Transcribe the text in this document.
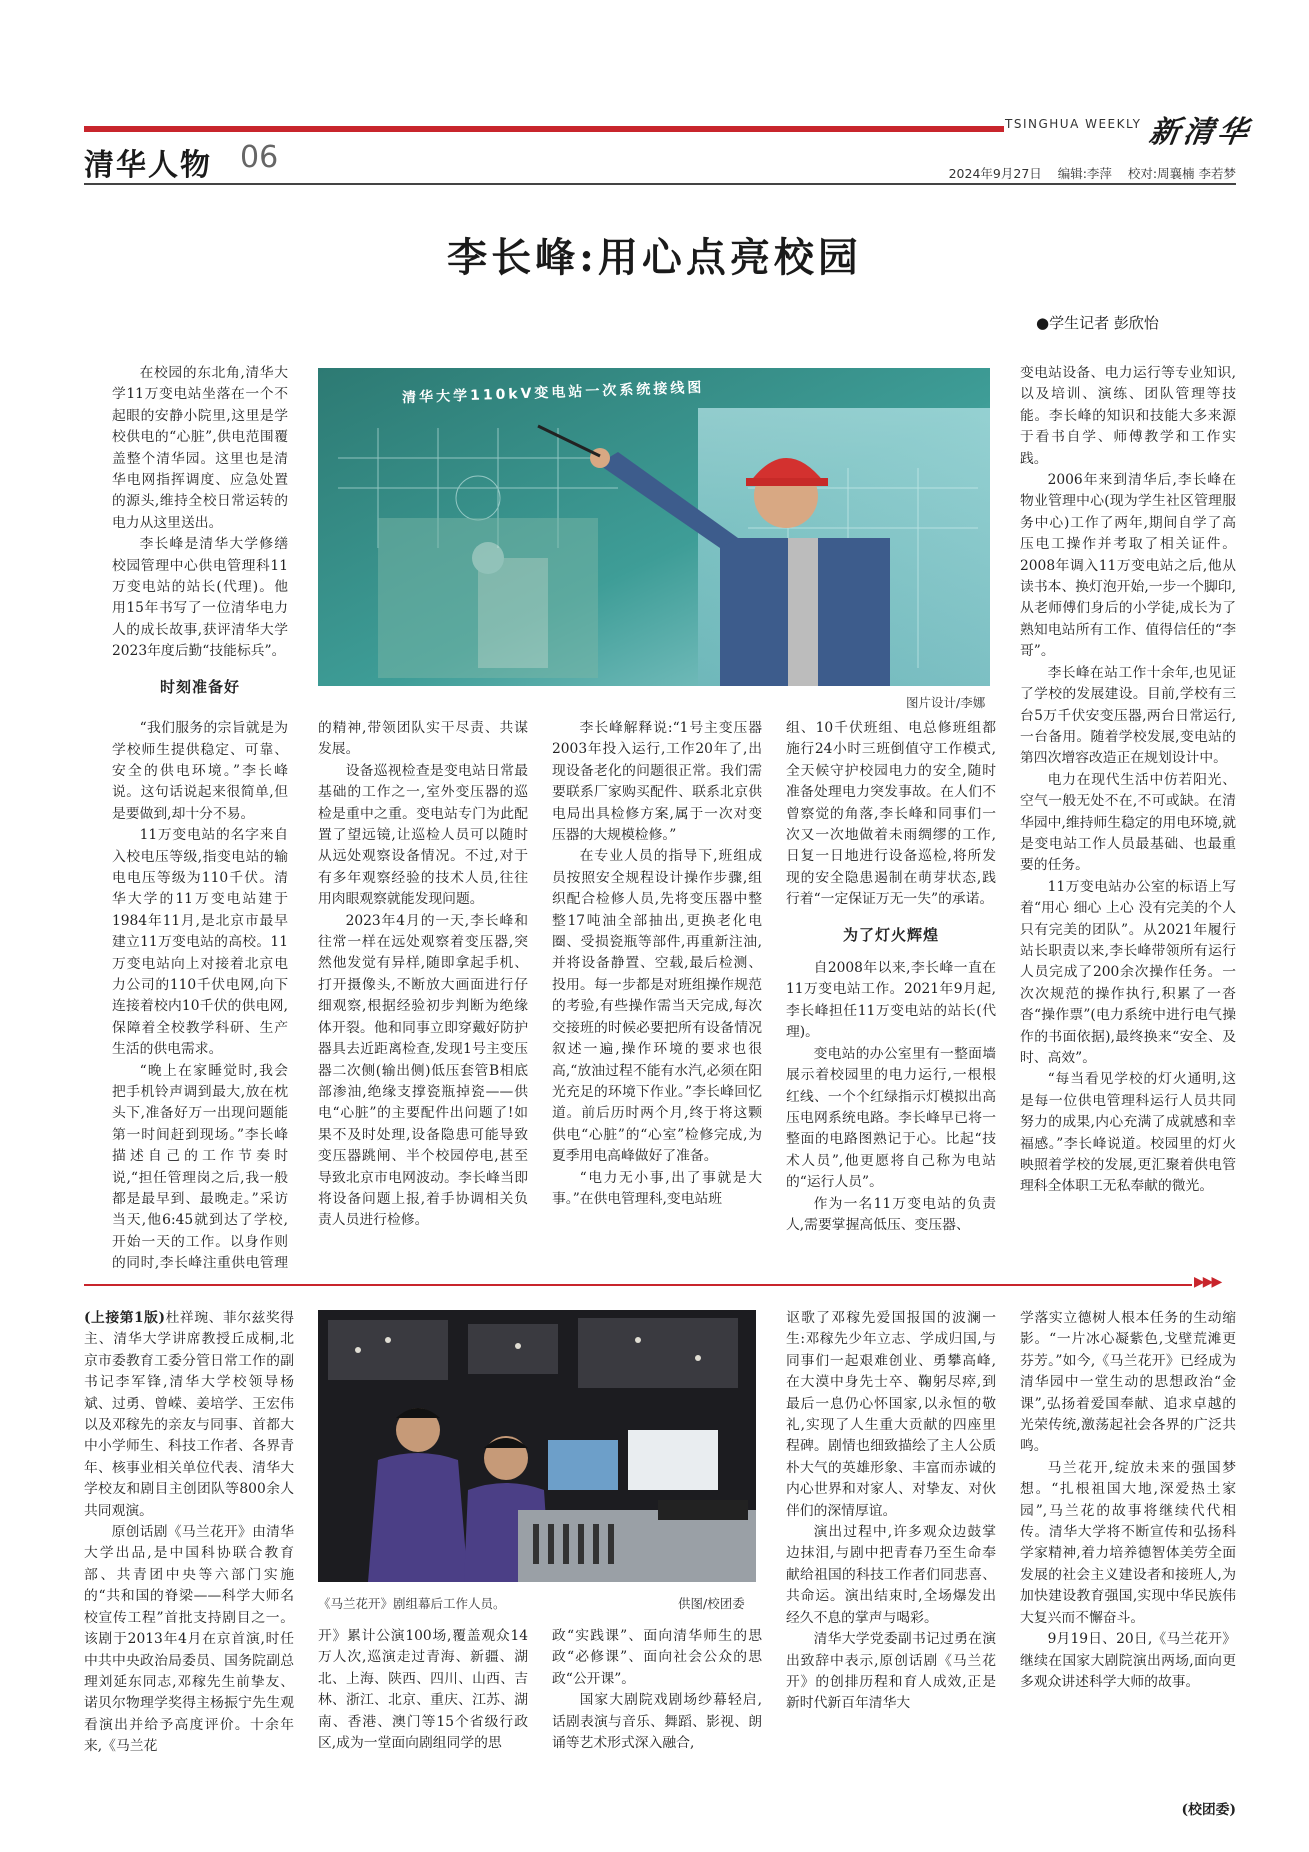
TSINGHUA WEEKLY 新清华
清华人物 06	2024年9月27日 编辑:李萍 校对:周襄楠 李若梦
李长峰:用心点亮校园
●学生记者 彭欣怡
清华大学110kV变电站一次系统接线图
图片设计/李娜

在校园的东北角,清华大学11万变电站坐落在一个不起眼的安静小院里,这里是学校供电的“心脏”,供电范围覆盖整个清华园。这里也是清华电网指挥调度、应急处置的源头,维持全校日常运转的电力从这里送出。

李长峰是清华大学修缮校园管理中心供电管理科11万变电站的站长(代理)。他用15年书写了一位清华电力人的成长故事,获评清华大学2023年度后勤“技能标兵”。

时刻准备好

“我们服务的宗旨就是为学校师生提供稳定、可靠、安全的供电环境。”李长峰说。这句话说起来很简单,但是要做到,却十分不易。

11万变电站的名字来自入校电压等级,指变电站的输电电压等级为110千伏。清华大学的11万变电站建于1984年11月,是北京市最早建立11万变电站的高校。11万变电站向上对接着北京电力公司的110千伏电网,向下连接着校内10千伏的供电网,保障着全校教学科研、生产生活的供电需求。

“晚上在家睡觉时,我会把手机铃声调到最大,放在枕头下,准备好万一出现问题能第一时间赶到现场。”李长峰描述自己的工作节奏时说,“担任管理岗之后,我一般都是最早到、最晚走。”采访当天,他6:45就到达了学校,开始一天的工作。以身作则的同时,李长峰注重供电管理

的精神,带领团队实干尽责、共谋发展。

设备巡视检查是变电站日常最基础的工作之一,室外变压器的巡检是重中之重。变电站专门为此配置了望远镜,让巡检人员可以随时从远处观察设备情况。不过,对于有多年观察经验的技术人员,往往用肉眼观察就能发现问题。

2023年4月的一天,李长峰和往常一样在远处观察着变压器,突然他发觉有异样,随即拿起手机、打开摄像头,不断放大画面进行仔细观察,根据经验初步判断为绝缘体开裂。他和同事立即穿戴好防护器具去近距离检查,发现1号主变压器二次侧(输出侧)低压套管B相底部渗油,绝缘支撑瓷瓶掉瓷——供电“心脏”的主要配件出问题了!如果不及时处理,设备隐患可能导致变压器跳闸、半个校园停电,甚至导致北京市电网波动。李长峰当即将设备问题上报,着手协调相关负责人员进行检修。

李长峰解释说:“1号主变压器2003年投入运行,工作20年了,出现设备老化的问题很正常。我们需要联系厂家购买配件、联系北京供电局出具检修方案,属于一次对变压器的大规模检修。”

在专业人员的指导下,班组成员按照安全规程设计操作步骤,组织配合检修人员,先将变压器中整整17吨油全部抽出,更换老化电圈、受损瓷瓶等部件,再重新注油,并将设备静置、空载,最后检测、投用。每一步都是对班组操作规范的考验,有些操作需当天完成,每次交接班的时候必要把所有设备情况叙述一遍,操作环境的要求也很高,“放油过程不能有水汽,必须在阳光充足的环境下作业。”李长峰回忆道。前后历时两个月,终于将这颗供电“心脏”的“心室”检修完成,为夏季用电高峰做好了准备。

“电力无小事,出了事就是大事。”在供电管理科,变电站班

组、10千伏班组、电总修班组都施行24小时三班倒值守工作模式,全天候守护校园电力的安全,随时准备处理电力突发事故。在人们不曾察觉的角落,李长峰和同事们一次又一次地做着未雨绸缪的工作,日复一日地进行设备巡检,将所发现的安全隐患遏制在萌芽状态,践行着“一定保证万无一失”的承诺。

为了灯火辉煌

自2008年以来,李长峰一直在11万变电站工作。2021年9月起,李长峰担任11万变电站的站长(代理)。

变电站的办公室里有一整面墙展示着校园里的电力运行,一根根红线、一个个红绿指示灯模拟出高压电网系统电路。李长峰早已将一整面的电路图熟记于心。比起“技术人员”,他更愿将自己称为电站的“运行人员”。

作为一名11万变电站的负责人,需要掌握高低压、变压器、

变电站设备、电力运行等专业知识,以及培训、演练、团队管理等技能。李长峰的知识和技能大多来源于看书自学、师傅教学和工作实践。

2006年来到清华后,李长峰在物业管理中心(现为学生社区管理服务中心)工作了两年,期间自学了高压电工操作并考取了相关证件。2008年调入11万变电站之后,他从读书本、换灯泡开始,一步一个脚印,从老师傅们身后的小学徒,成长为了熟知电站所有工作、值得信任的“李哥”。

李长峰在站工作十余年,也见证了学校的发展建设。目前,学校有三台5万千伏安变压器,两台日常运行,一台备用。随着学校发展,变电站的第四次增容改造正在规划设计中。

电力在现代生活中仿若阳光、空气一般无处不在,不可或缺。在清华园中,维持师生稳定的用电环境,就是变电站工作人员最基础、也最重要的任务。

11万变电站办公室的标语上写着“用心 细心 上心 没有完美的个人 只有完美的团队”。从2021年履行站长职责以来,李长峰带领所有运行人员完成了200余次操作任务。一次次规范的操作执行,积累了一沓沓“操作票”(电力系统中进行电气操作的书面依据),最终换来“安全、及时、高效”。

“每当看见学校的灯火通明,这是每一位供电管理科运行人员共同努力的成果,内心充满了成就感和幸福感。”李长峰说道。校园里的灯火映照着学校的发展,更汇聚着供电管理科全体职工无私奉献的微光。

▶▶▶

(上接第1版)杜祥琬、菲尔兹奖得主、清华大学讲席教授丘成桐,北京市委教育工委分管日常工作的副书记李军锋,清华大学校领导杨斌、过勇、曾嵘、姜培学、王宏伟以及邓稼先的亲友与同事、首都大中小学师生、科技工作者、各界青年、核事业相关单位代表、清华大学校友和剧目主创团队等800余人共同观演。

原创话剧《马兰花开》由清华大学出品,是中国科协联合教育部、共青团中央等六部门实施的“共和国的脊梁——科学大师名校宣传工程”首批支持剧目之一。该剧于2013年4月在京首演,时任中共中央政治局委员、国务院副总理刘延东同志,邓稼先生前挚友、诺贝尔物理学奖得主杨振宁先生观看演出并给予高度评价。十余年来,《马兰花

《马兰花开》剧组幕后工作人员。	供图/校团委

开》累计公演100场,覆盖观众14万人次,巡演走过青海、新疆、湖北、上海、陕西、四川、山西、吉林、浙江、北京、重庆、江苏、湖南、香港、澳门等15个省级行政区,成为一堂面向剧组同学的思

政“实践课”、面向清华师生的思政“必修课”、面向社会公众的思政“公开课”。

国家大剧院戏剧场纱幕轻启,话剧表演与音乐、舞蹈、影视、朗诵等艺术形式深入融合,

讴歌了邓稼先爱国报国的波澜一生:邓稼先少年立志、学成归国,与同事们一起艰难创业、勇攀高峰,在大漠中身先士卒、鞠躬尽瘁,到最后一息仍心怀国家,以永恒的敬礼,实现了人生重大贡献的四座里程碑。剧情也细致描绘了主人公质朴大气的英雄形象、丰富而赤诚的内心世界和对家人、对挚友、对伙伴们的深情厚谊。

演出过程中,许多观众边鼓掌边抹泪,与剧中把青春乃至生命奉献给祖国的科技工作者们同悲喜、共命运。演出结束时,全场爆发出经久不息的掌声与喝彩。

清华大学党委副书记过勇在演出致辞中表示,原创话剧《马兰花开》的创排历程和育人成效,正是新时代新百年清华大

学落实立德树人根本任务的生动缩影。“一片冰心凝紫色,戈壁荒滩更芬芳。”如今,《马兰花开》已经成为清华园中一堂生动的思想政治“金课”,弘扬着爱国奉献、追求卓越的光荣传统,激荡起社会各界的广泛共鸣。

马兰花开,绽放未来的强国梦想。“扎根祖国大地,深爱热土家园”,马兰花的故事将继续代代相传。清华大学将不断宣传和弘扬科学家精神,着力培养德智体美劳全面发展的社会主义建设者和接班人,为加快建设教育强国,实现中华民族伟大复兴而不懈奋斗。

9月19日、20日,《马兰花开》继续在国家大剧院演出两场,面向更多观众讲述科学大师的故事。

(校团委)
